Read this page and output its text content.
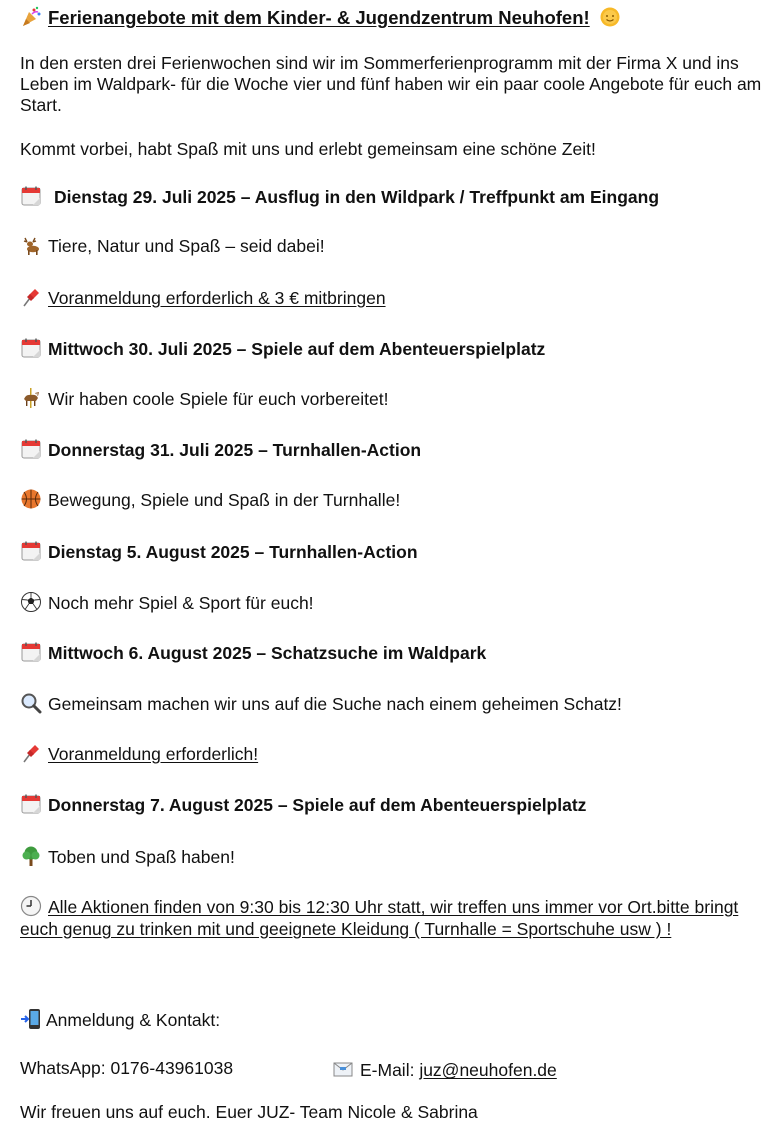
Ferienangebote mit dem Kinder- & Jugendzentrum Neuhofen!
In den ersten drei Ferienwochen sind wir im Sommerferienprogramm mit der Firma X und ins Leben im Waldpark- für die Woche vier und fünf haben wir ein paar coole Angebote für euch am Start.
Kommt vorbei, habt Spaß mit uns und erlebt gemeinsam eine schöne Zeit!
Dienstag 29. Juli 2025 – Ausflug in den Wildpark / Treffpunkt am Eingang
Tiere, Natur und Spaß – seid dabei!
Voranmeldung erforderlich & 3 € mitbringen
Mittwoch 30. Juli 2025 – Spiele auf dem Abenteuerspielplatz
Wir haben coole Spiele für euch vorbereitet!
Donnerstag 31. Juli 2025 – Turnhallen-Action
Bewegung, Spiele und Spaß in der Turnhalle!
Dienstag 5. August 2025 – Turnhallen-Action
Noch mehr Spiel & Sport für euch!
Mittwoch 6. August 2025 – Schatzsuche im Waldpark
Gemeinsam machen wir uns auf die Suche nach einem geheimen Schatz!
Voranmeldung erforderlich!
Donnerstag 7. August 2025 – Spiele auf dem Abenteuerspielplatz
Toben und Spaß haben!
Alle Aktionen finden von 9:30 bis 12:30 Uhr statt, wir treffen uns immer vor Ort.bitte bringt euch genug zu trinken mit und geeignete Kleidung ( Turnhalle = Sportschuhe usw ) !
Anmeldung & Kontakt:
WhatsApp: 0176-43961038	E-Mail: juz@neuhofen.de
Wir freuen uns auf euch. Euer JUZ- Team Nicole & Sabrina
